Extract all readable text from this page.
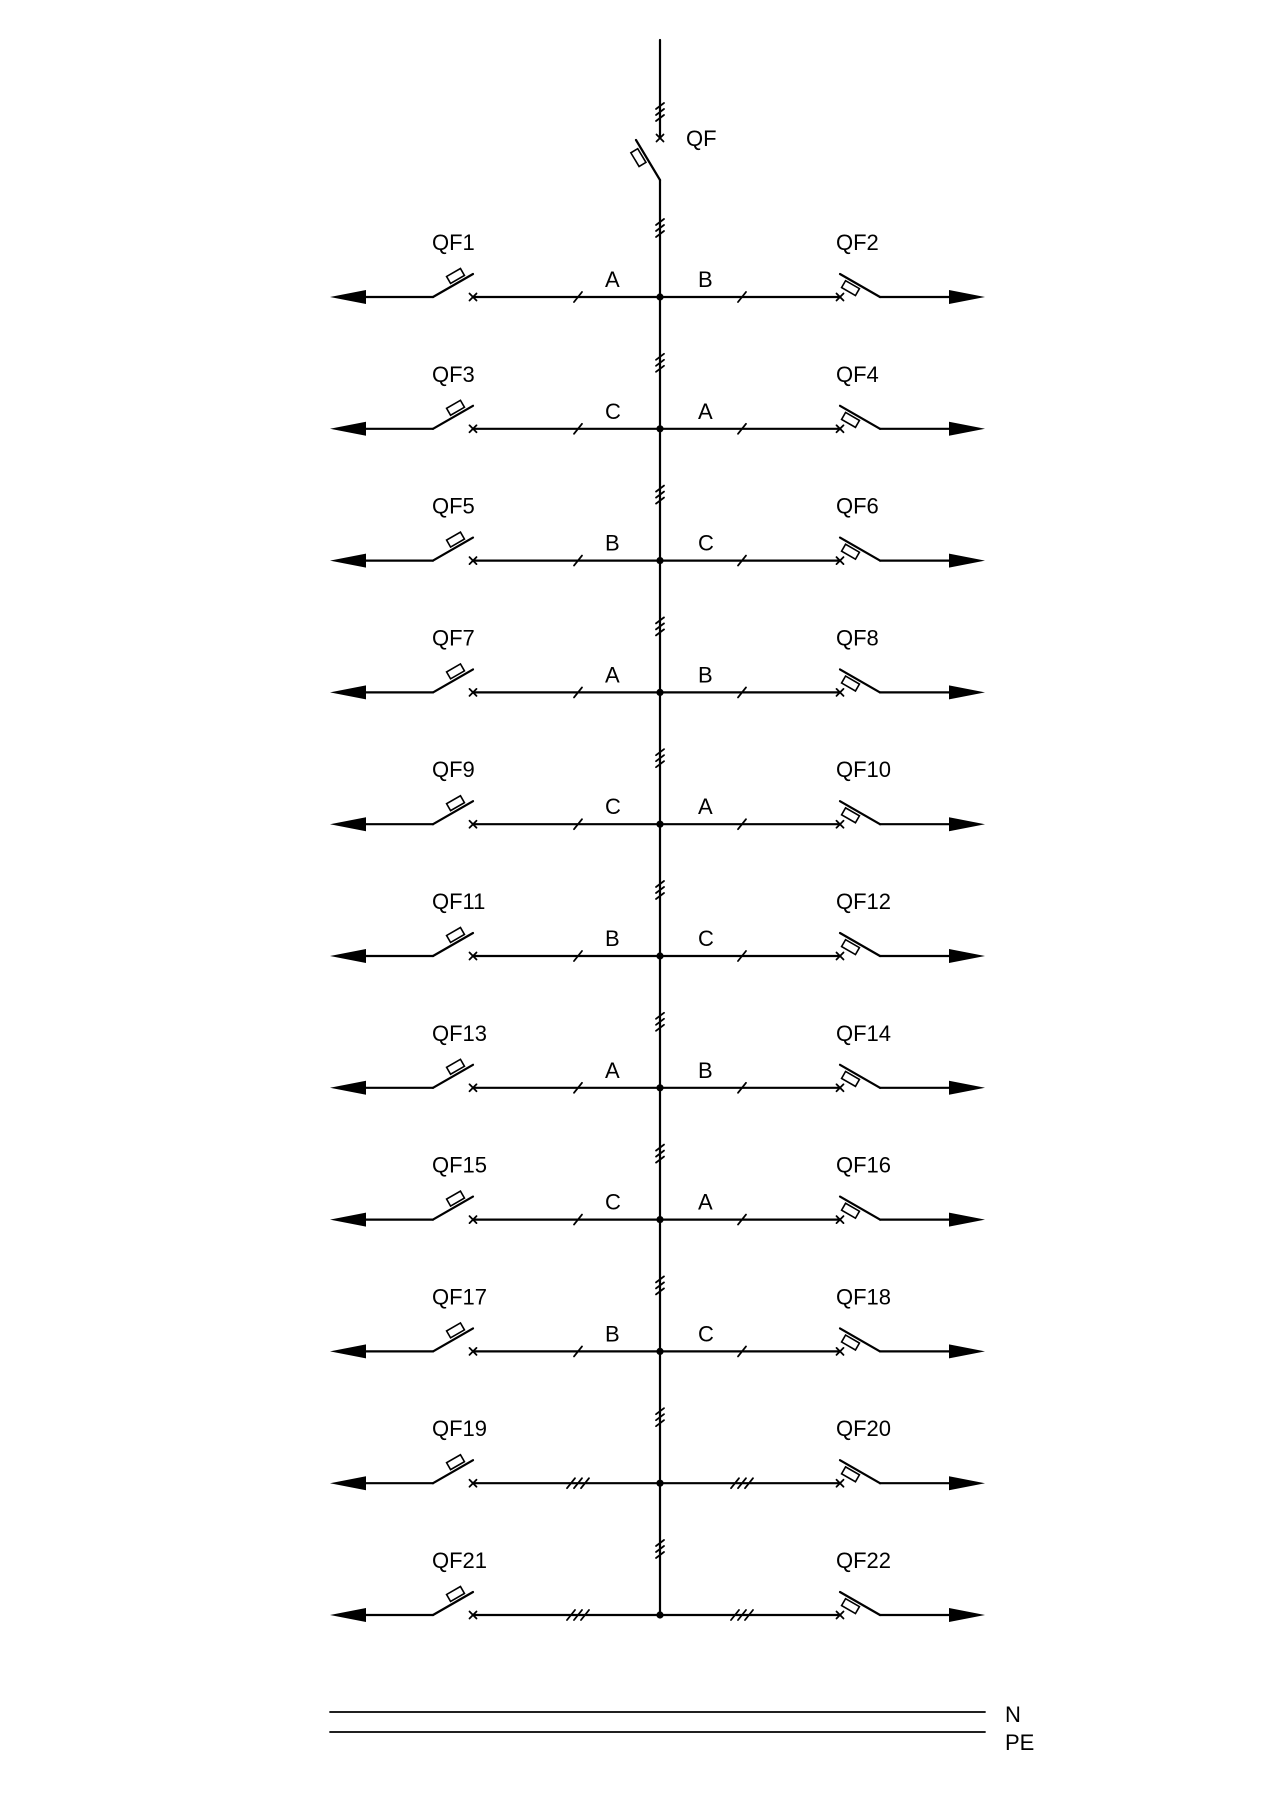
QF
QF1	QF2
A	B
QF3	QF4
C	A
QF5	QF6
B	C
QF7	QF8
A	B
QF9	QF10
C	A
QF11	QF12
B	C
QF13	QF14
A	B
QF15	QF16
C	A
QF17	QF18
B	C
QF19	QF20
QF21	QF22
N
PE
